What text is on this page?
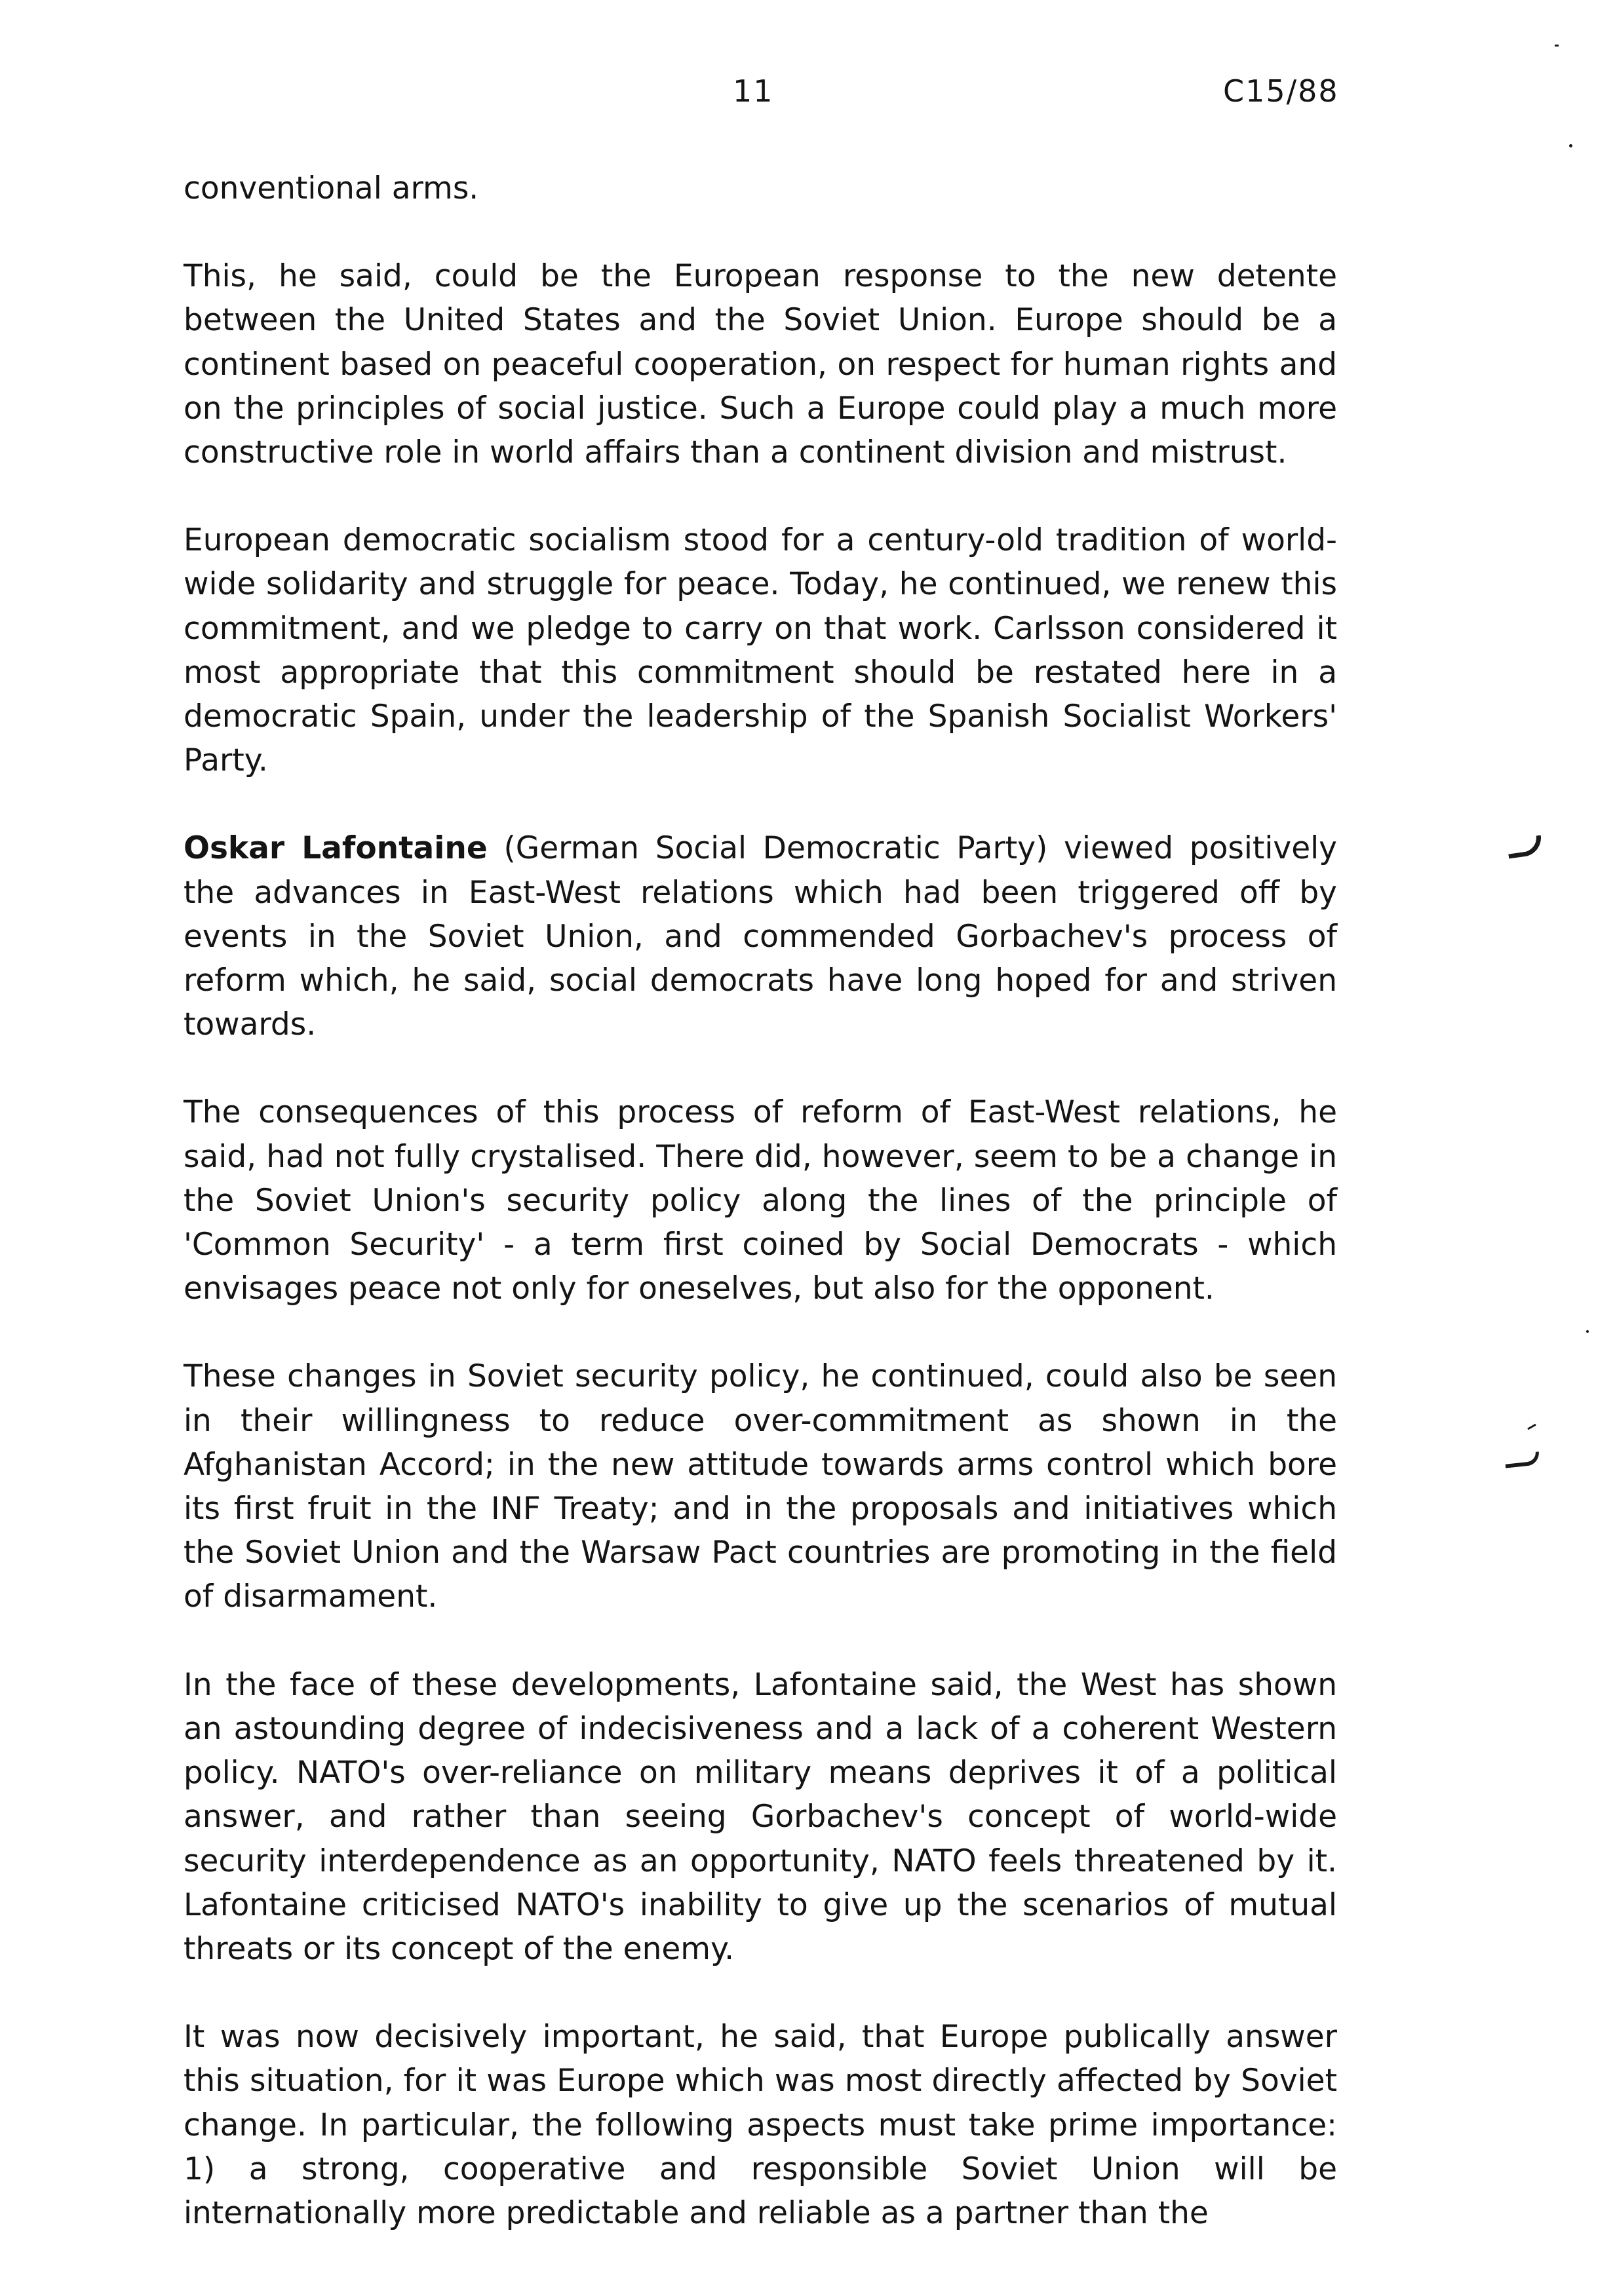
11	C15/88

conventional arms.

This, he said, could be the European response to the new detente between the United States and the Soviet Union. Europe should be a continent based on peaceful cooperation, on respect for human rights and on the principles of social justice. Such a Europe could play a much more constructive role in world affairs than a continent division and mistrust.

European democratic socialism stood for a century-old tradition of world-wide solidarity and struggle for peace. Today, he continued, we renew this commitment, and we pledge to carry on that work. Carlsson considered it most appropriate that this commitment should be restated here in a democratic Spain, under the leadership of the Spanish Socialist Workers' Party.

Oskar Lafontaine (German Social Democratic Party) viewed positively the advances in East-West relations which had been triggered off by events in the Soviet Union, and commended Gorbachev's process of reform which, he said, social democrats have long hoped for and striven towards.

The consequences of this process of reform of East-West relations, he said, had not fully crystalised. There did, however, seem to be a change in the Soviet Union's security policy along the lines of the principle of 'Common Security' - a term first coined by Social Democrats - which envisages peace not only for oneselves, but also for the opponent.

These changes in Soviet security policy, he continued, could also be seen in their willingness to reduce over-commitment as shown in the Afghanistan Accord; in the new attitude towards arms control which bore its first fruit in the INF Treaty; and in the proposals and initiatives which the Soviet Union and the Warsaw Pact countries are promoting in the field of disarmament.

In the face of these developments, Lafontaine said, the West has shown an astounding degree of indecisiveness and a lack of a coherent Western policy. NATO's over-reliance on military means deprives it of a political answer, and rather than seeing Gorbachev's concept of world-wide security interdependence as an opportunity, NATO feels threatened by it. Lafontaine criticised NATO's inability to give up the scenarios of mutual threats or its concept of the enemy.

It was now decisively important, he said, that Europe publically answer this situation, for it was Europe which was most directly affected by Soviet change. In particular, the following aspects must take prime importance: 1) a strong, cooperative and responsible Soviet Union will be internationally more predictable and reliable as a partner than the
